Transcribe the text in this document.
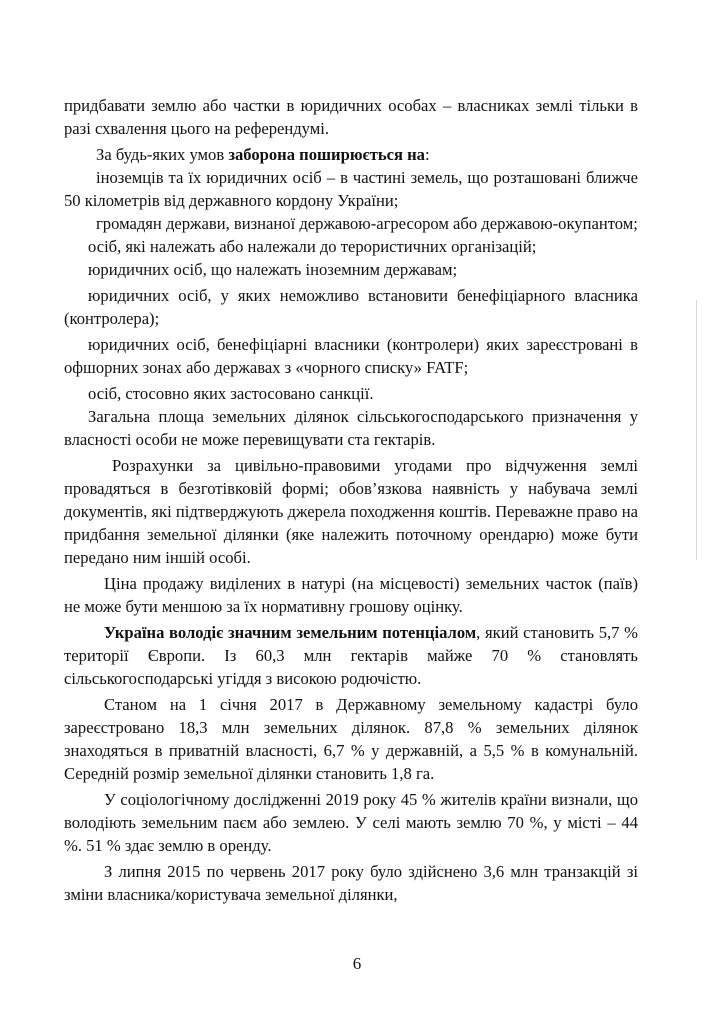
придбавати землю або частки в юридичних особах – власниках землі тільки в разі схвалення цього на референдумі.

За будь-яких умов заборона поширюється на:

іноземців та їх юридичних осіб – в частині земель, що розташовані ближче 50 кілометрів від державного кордону України;

громадян держави, визнаної державою-агресором або державою-окупантом;

осіб, які належать або належали до терористичних організацій;

юридичних осіб, що належать іноземним державам;

юридичних осіб, у яких неможливо встановити бенефіціарного власника (контролера);

юридичних осіб, бенефіціарні власники (контролери) яких зареєстровані в офшорних зонах або державах з «чорного списку» FATF;

осіб, стосовно яких застосовано санкції.

Загальна площа земельних ділянок сільськогосподарського призначення у власності особи не може перевищувати ста гектарів.

Розрахунки за цивільно-правовими угодами про відчуження землі провадяться в безготівковій формі; обов’язкова наявність у набувача землі документів, які підтверджують джерела походження коштів. Переважне право на придбання земельної ділянки (яке належить поточному орендарю) може бути передано ним іншій особі.

Ціна продажу виділених в натурі (на місцевості) земельних часток (паїв) не може бути меншою за їх нормативну грошову оцінку.

Україна володіє значним земельним потенціалом, який становить 5,7 % території Європи. Із 60,3 млн гектарів майже 70 % становлять сільськогосподарські угіддя з високою родючістю.

Станом на 1 січня 2017 в Державному земельному кадастрі було зареєстровано 18,3 млн земельних ділянок. 87,8 % земельних ділянок знаходяться в приватній власності, 6,7 % у державній, а 5,5 % в комунальній. Середній розмір земельної ділянки становить 1,8 га.

У соціологічному дослідженні 2019 року 45 % жителів країни визнали, що володіють земельним паєм або землею. У селі мають землю 70 %, у місті – 44 %. 51 % здає землю в оренду.

З липня 2015 по червень 2017 року було здійснено 3,6 млн транзакцій зі зміни власника/користувача земельної ділянки,

6
